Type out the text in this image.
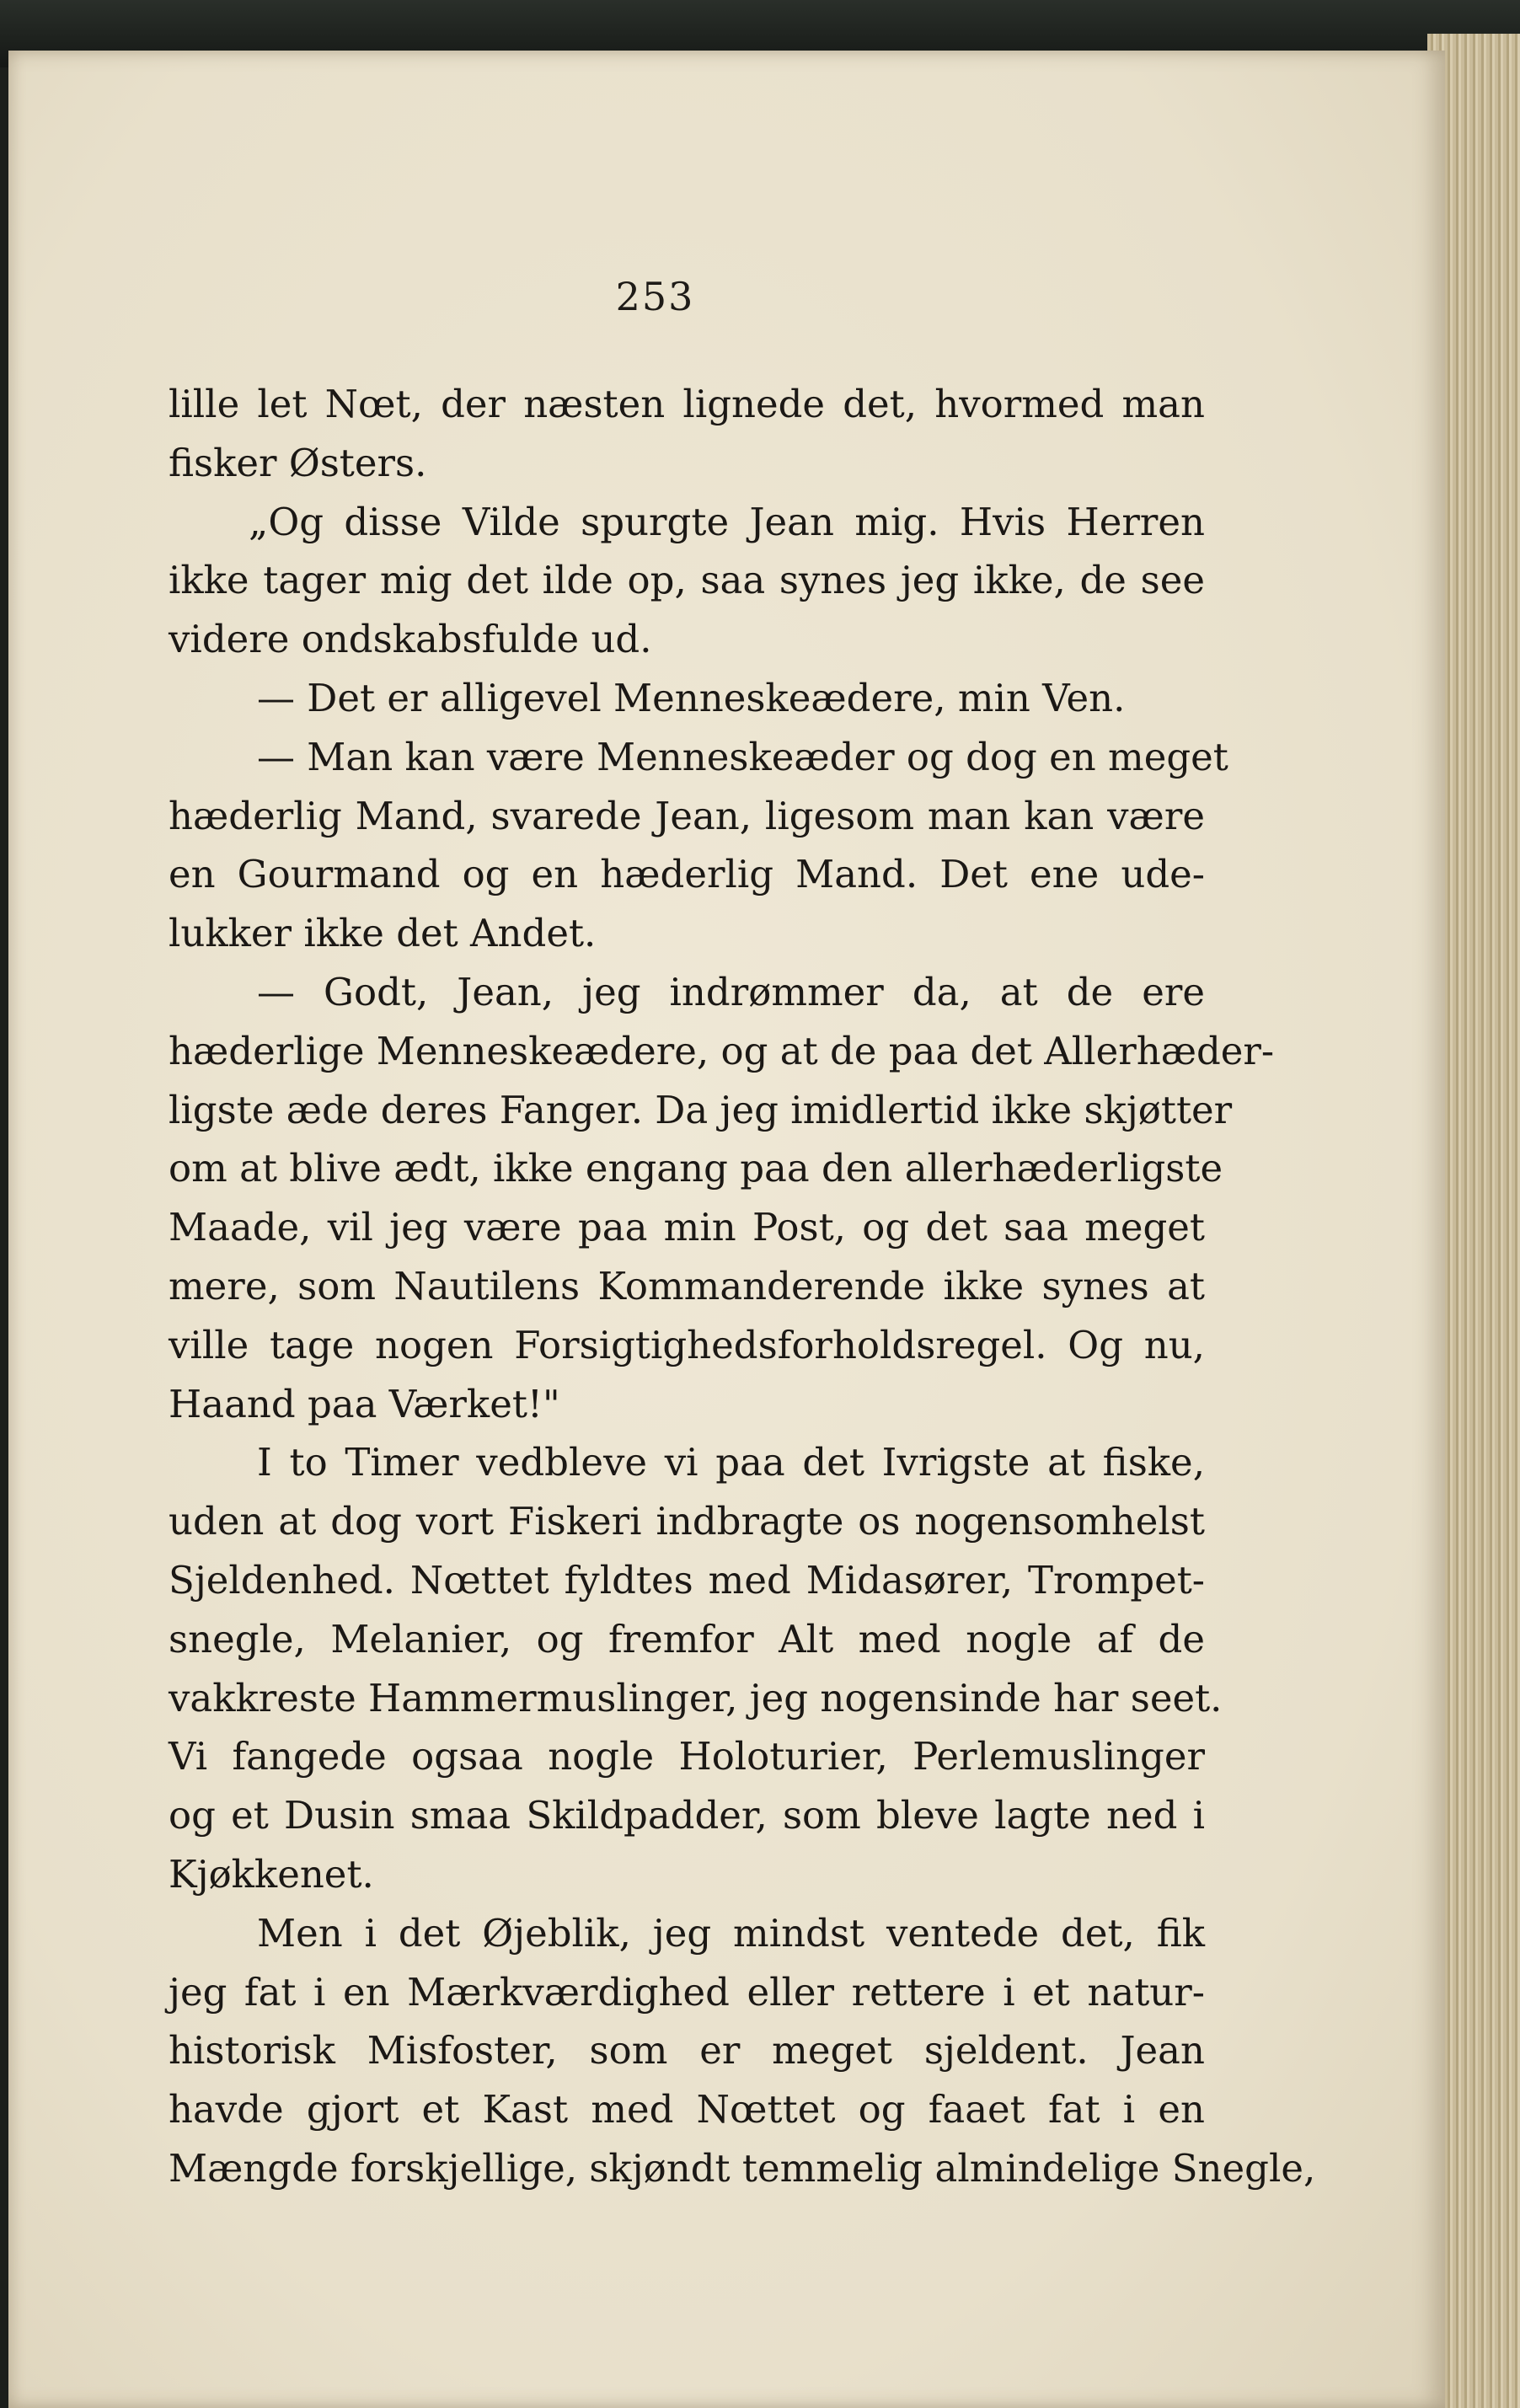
253
lille let Nœt, der næsten lignede det, hvormed man
fisker Østers.
„Og disse Vilde spurgte Jean mig. Hvis Herren
ikke tager mig det ilde op, saa synes jeg ikke, de see
videre ondskabsfulde ud.
— Det er alligevel Menneskeædere, min Ven.
— Man kan være Menneskeæder og dog en meget
hæderlig Mand, svarede Jean, ligesom man kan være
en Gourmand og en hæderlig Mand. Det ene ude-
lukker ikke det Andet.
— Godt, Jean, jeg indrømmer da, at de ere
hæderlige Menneskeædere, og at de paa det Allerhæder-
ligste æde deres Fanger. Da jeg imidlertid ikke skjøtter
om at blive ædt, ikke engang paa den allerhæderligste
Maade, vil jeg være paa min Post, og det saa meget
mere, som Nautilens Kommanderende ikke synes at
ville tage nogen Forsigtighedsforholdsregel. Og nu,
Haand paa Værket!"
I to Timer vedbleve vi paa det Ivrigste at fiske,
uden at dog vort Fiskeri indbragte os nogensomhelst
Sjeldenhed. Nœttet fyldtes med Midasører, Trompet-
snegle, Melanier, og fremfor Alt med nogle af de
vakkreste Hammermuslinger, jeg nogensinde har seet.
Vi fangede ogsaa nogle Holoturier, Perlemuslinger
og et Dusin smaa Skildpadder, som bleve lagte ned i
Kjøkkenet.
Men i det Øjeblik, jeg mindst ventede det, fik
jeg fat i en Mærkværdighed eller rettere i et natur-
historisk Misfoster, som er meget sjeldent. Jean
havde gjort et Kast med Nœttet og faaet fat i en
Mængde forskjellige, skjøndt temmelig almindelige Snegle,
